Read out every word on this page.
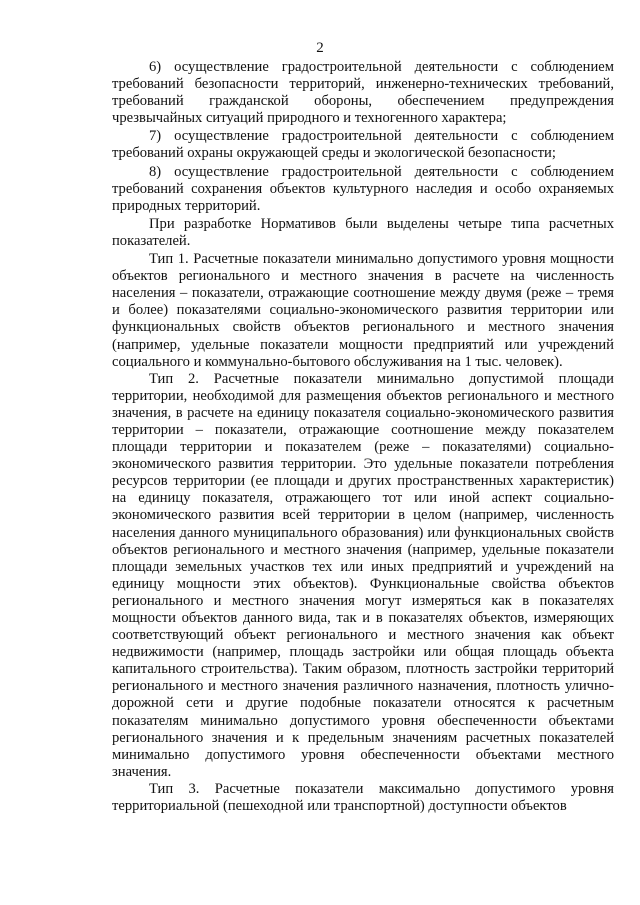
2

6) осуществление градостроительной деятельности с соблюдением требований безопасности территорий, инженерно-технических требований, требований гражданской обороны, обеспечением предупреждения чрезвычайных ситуаций природного и техногенного характера;

7) осуществление градостроительной деятельности с соблюдением требований охраны окружающей среды и экологической безопасности;

8) осуществление градостроительной деятельности с соблюдением требований сохранения объектов культурного наследия и особо охраняемых природных территорий.

При разработке Нормативов были выделены четыре типа расчетных показателей.

Тип 1. Расчетные показатели минимально допустимого уровня мощности объектов регионального и местного значения в расчете на численность населения – показатели, отражающие соотношение между двумя (реже – тремя и более) показателями социально-экономического развития территории или функциональных свойств объектов регионального и местного значения (например, удельные показатели мощности предприятий или учреждений социального и коммунально-бытового обслуживания на 1 тыс. человек).

Тип 2. Расчетные показатели минимально допустимой площади территории, необходимой для размещения объектов регионального и местного значения, в расчете на единицу показателя социально-экономического развития территории – показатели, отражающие соотношение между показателем площади территории и показателем (реже – показателями) социально-экономического развития территории. Это удельные показатели потребления ресурсов территории (ее площади и других пространственных характеристик) на единицу показателя, отражающего тот или иной аспект социально-экономического развития всей территории в целом (например, численность населения данного муниципального образования) или функциональных свойств объектов регионального и местного значения (например, удельные показатели площади земельных участков тех или иных предприятий и учреждений на единицу мощности этих объектов). Функциональные свойства объектов регионального и местного значения могут измеряться как в показателях мощности объектов данного вида, так и в показателях объектов, измеряющих соответствующий объект регионального и местного значения как объект недвижимости (например, площадь застройки или общая площадь объекта капитального строительства). Таким образом, плотность застройки территорий регионального и местного значения различного назначения, плотность улично-дорожной сети и другие подобные показатели относятся к расчетным показателям минимально допустимого уровня обеспеченности объектами регионального значения и к предельным значениям расчетных показателей минимально допустимого уровня обеспеченности объектами местного значения.

Тип 3. Расчетные показатели максимально допустимого уровня территориальной (пешеходной или транспортной) доступности объектов
